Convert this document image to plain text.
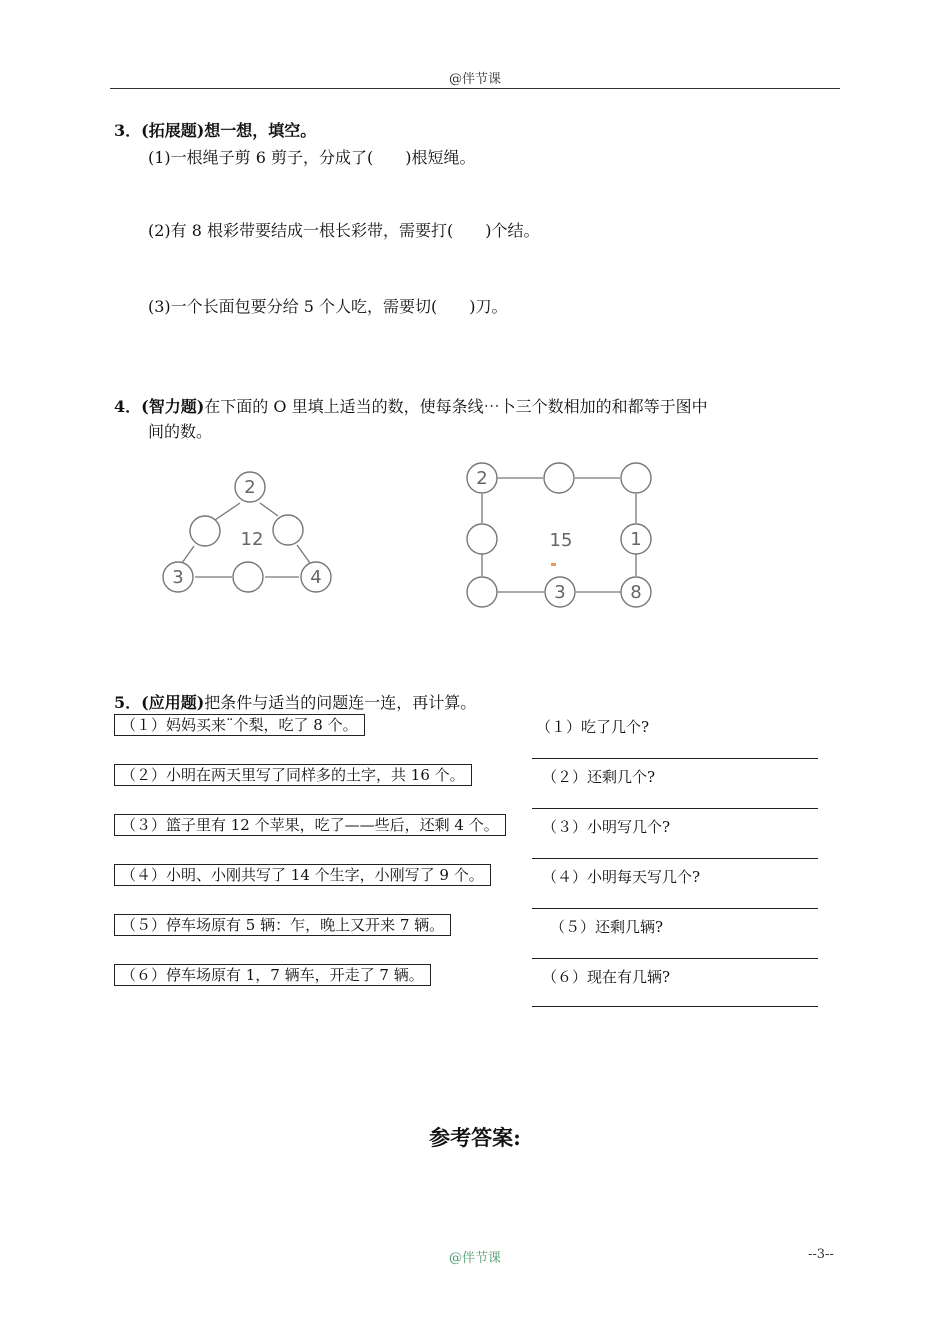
@伴节课
3．(拓展题)想一想，填空。
(1)一根绳子剪 6 剪子，分成了(　　)根短绳。
(2)有 8 根彩带要结成一根长彩带，需要打(　　)个结。
(3)一个长面包要分给 5 个人吃，需要切(　　)刀。
4．(智力题)在下面的 O 里填上适当的数，使每条线⋯卜三个数相加的和都等于图中
间的数。
2
3	4
12
2
1
3	8
15
5．(应用题)把条件与适当的问题连一连，再计算。
（１）妈妈买来¨个梨，吃了 8 个。
（２）小明在两天里写了同样多的土字，共 16 个。
（３）篮子里有 12 个苹果，吃了——些后，还剩 4 个。
（４）小明、小刚共写了 14 个生字，小刚写了 9 个。
（５）停车场原有 5 辆：乍，晚上又开来 7 辆。
（６）停车场原有 1，7 辆车，开走了 7 辆。
（１）吃了几个?
（２）还剩几个?
（３）小明写几个?
（４）小明每天写几个?
（５）还剩几辆?
（６）现在有几辆?
参考答案:
@伴节课	--3--
